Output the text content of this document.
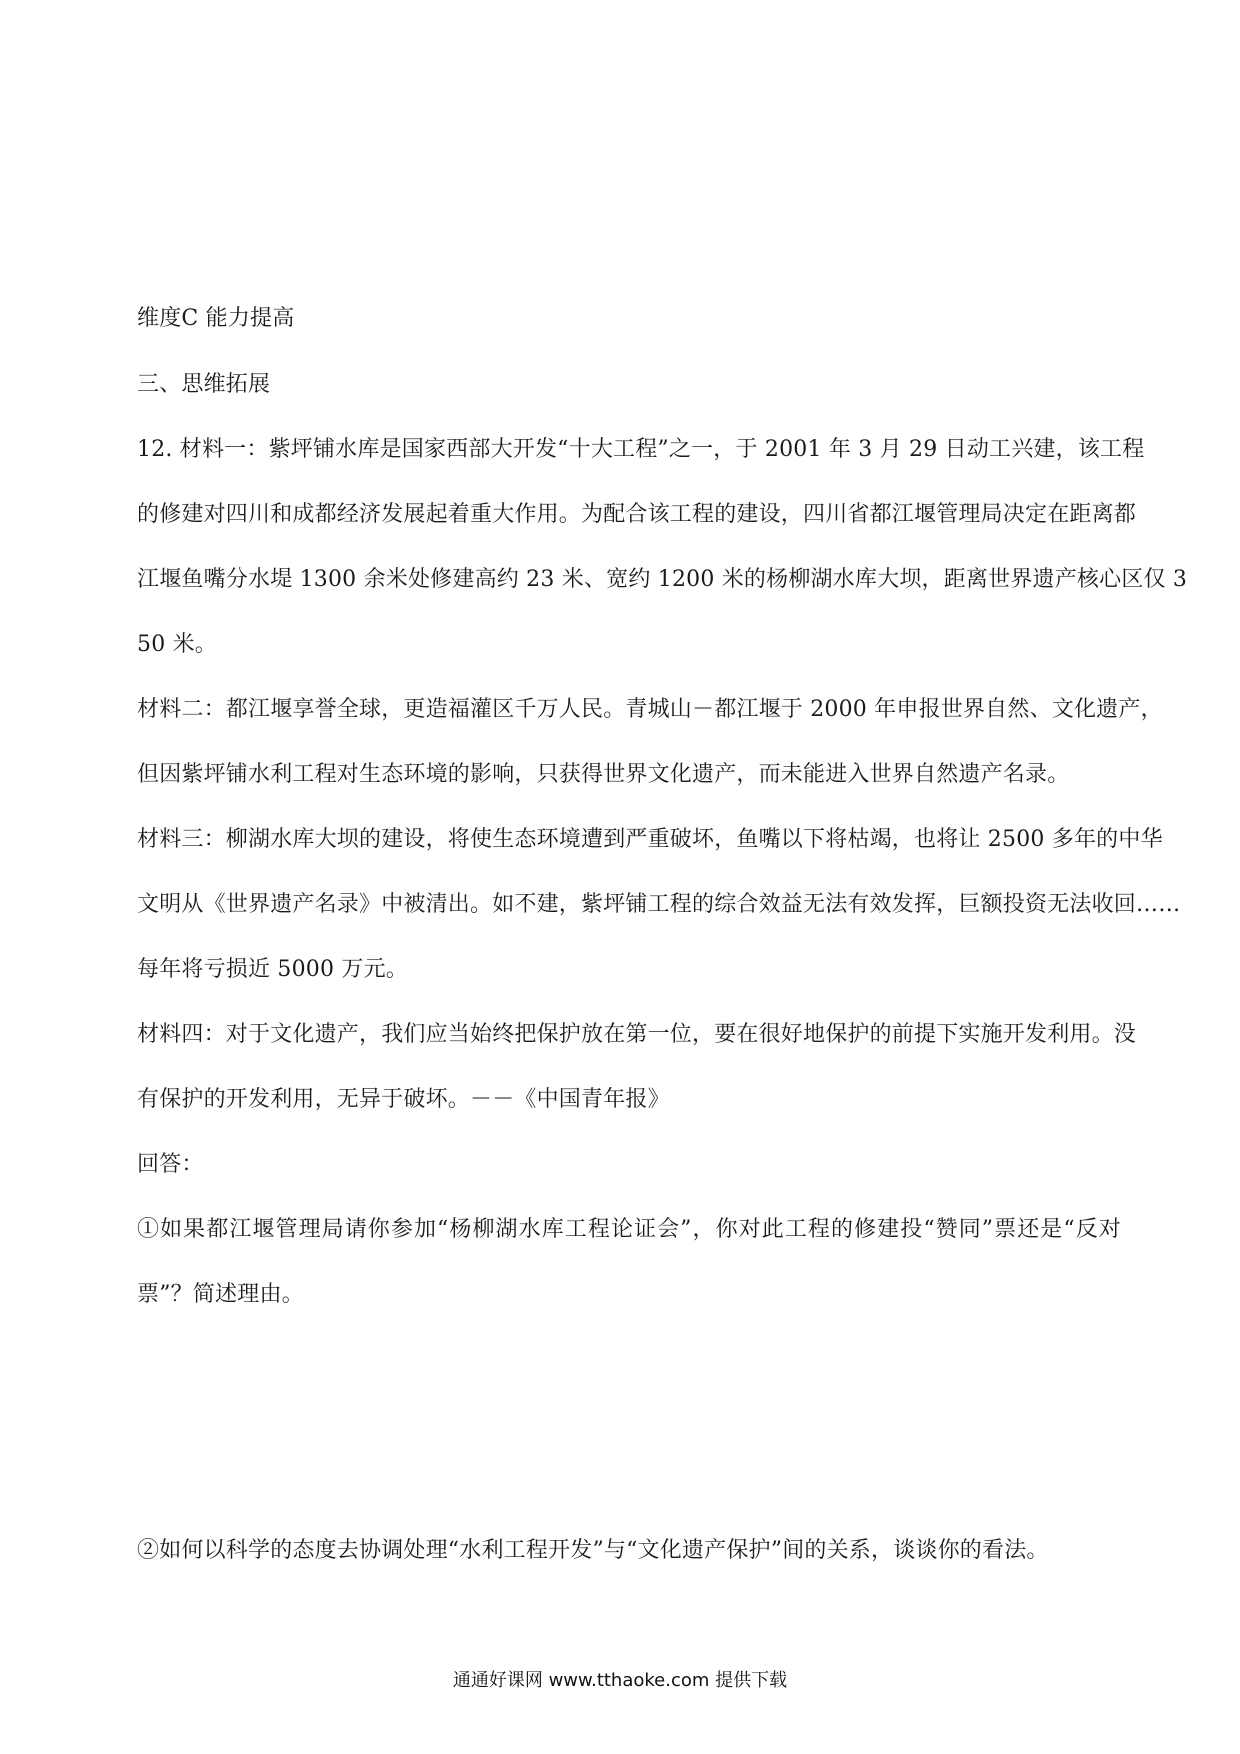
维度C 能力提高
三、思维拓展
12. 材料一：紫坪铺水库是国家西部大开发“十大工程”之一，于 2001 年 3 月 29 日动工兴建，该工程
的修建对四川和成都经济发展起着重大作用。为配合该工程的建设，四川省都江堰管理局决定在距离都
江堰鱼嘴分水堤 1300 余米处修建高约 23 米、宽约 1200 米的杨柳湖水库大坝，距离世界遗产核心区仅 3
50 米。
材料二：都江堰享誉全球，更造福灌区千万人民。青城山－都江堰于 2000 年申报世界自然、文化遗产，
但因紫坪铺水利工程对生态环境的影响，只获得世界文化遗产，而未能进入世界自然遗产名录。
材料三：柳湖水库大坝的建设，将使生态环境遭到严重破坏，鱼嘴以下将枯竭，也将让 2500 多年的中华
文明从《世界遗产名录》中被清出。如不建，紫坪铺工程的综合效益无法有效发挥，巨额投资无法收回……
每年将亏损近 5000 万元。
材料四：对于文化遗产，我们应当始终把保护放在第一位，要在很好地保护的前提下实施开发利用。没
有保护的开发利用，无异于破坏。－－《中国青年报》
回答：
①如果都江堰管理局请你参加“杨柳湖水库工程论证会”，你对此工程的修建投“赞同”票还是“反对
票”？简述理由。
②如何以科学的态度去协调处理“水利工程开发”与“文化遗产保护”间的关系，谈谈你的看法。
通通好课网 www.tthaoke.com 提供下载
